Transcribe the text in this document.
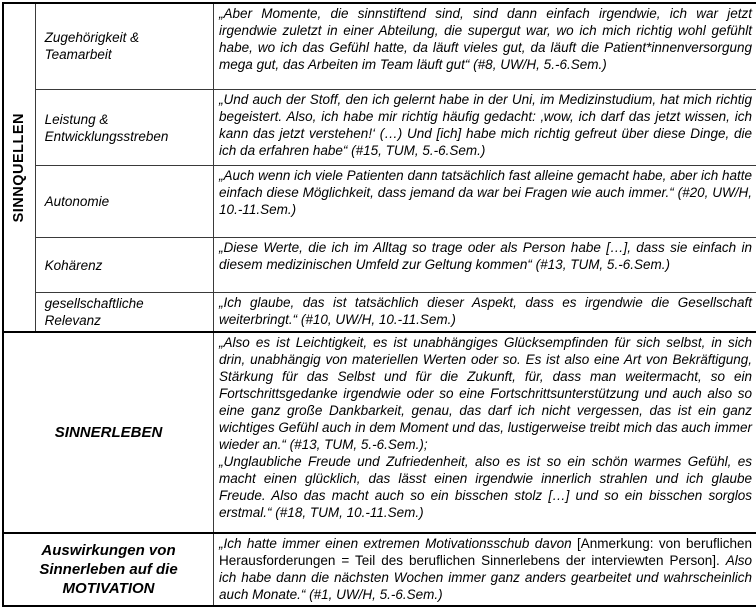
SINNQUELLEN	Zugehörigkeit & Teamarbeit	„Aber Momente, die sinnstiftend sind, sind dann einfach irgendwie, ich war jetzt irgendwie zuletzt in einer Abteilung, die supergut war, wo ich mich richtig wohl gefühlt habe, wo ich das Gefühl hatte, da läuft vieles gut, da läuft die Patient*innenversorgung mega gut, das Arbeiten im Team läuft gut“ (#8, UW/H, 5.-6.Sem.)
	Leistung & Entwicklungsstreben	„Und auch der Stoff, den ich gelernt habe in der Uni, im Medizinstudium, hat mich richtig begeistert. Also, ich habe mir richtig häufig gedacht: ‚wow, ich darf das jetzt wissen, ich kann das jetzt verstehen!‘ (…) Und [ich] habe mich richtig gefreut über diese Dinge, die ich da erfahren habe“ (#15, TUM, 5.-6.Sem.)
	Autonomie	„Auch wenn ich viele Patienten dann tatsächlich fast alleine gemacht habe, aber ich hatte einfach diese Möglichkeit, dass jemand da war bei Fragen wie auch immer.“ (#20, UW/H, 10.-11.Sem.)
	Kohärenz	„Diese Werte, die ich im Alltag so trage oder als Person habe […], dass sie einfach in diesem medizinischen Umfeld zur Geltung kommen“ (#13, TUM, 5.-6.Sem.)
	gesellschaftliche Relevanz	„Ich glaube, das ist tatsächlich dieser Aspekt, dass es irgendwie die Gesellschaft weiterbringt.“ (#10, UW/H, 10.-11.Sem.)
SINNERLEBEN		„Also es ist Leichtigkeit, es ist unabhängiges Glücksempfinden für sich selbst, in sich drin, unabhängig von materiellen Werten oder so. Es ist also eine Art von Bekräftigung, Stärkung für das Selbst und für die Zukunft, für, dass man weitermacht, so ein Fortschrittsgedanke irgendwie oder so eine Fortschrittsunterstützung und auch also so eine ganz große Dankbarkeit, genau, das darf ich nicht vergessen, das ist ein ganz wichtiges Gefühl auch in dem Moment und das, lustigerweise treibt mich das auch immer wieder an.“ (#13, TUM, 5.-6.Sem.);
„Unglaubliche Freude und Zufriedenheit, also es ist so ein schön warmes Gefühl, es macht einen glücklich, das lässt einen irgendwie innerlich strahlen und ich glaube Freude. Also das macht auch so ein bisschen stolz […] und so ein bisschen sorglos erstmal.“ (#18, TUM, 10.-11.Sem.)

Auswirkungen von Sinnerleben auf die MOTIVATION		„Ich hatte immer einen extremen Motivationsschub davon [Anmerkung: von beruflichen Herausforderungen = Teil des beruflichen Sinnerlebens der interviewten Person]. Also ich habe dann die nächsten Wochen immer ganz anders gearbeitet und wahrscheinlich auch Monate.“ (#1, UW/H, 5.-6.Sem.)
